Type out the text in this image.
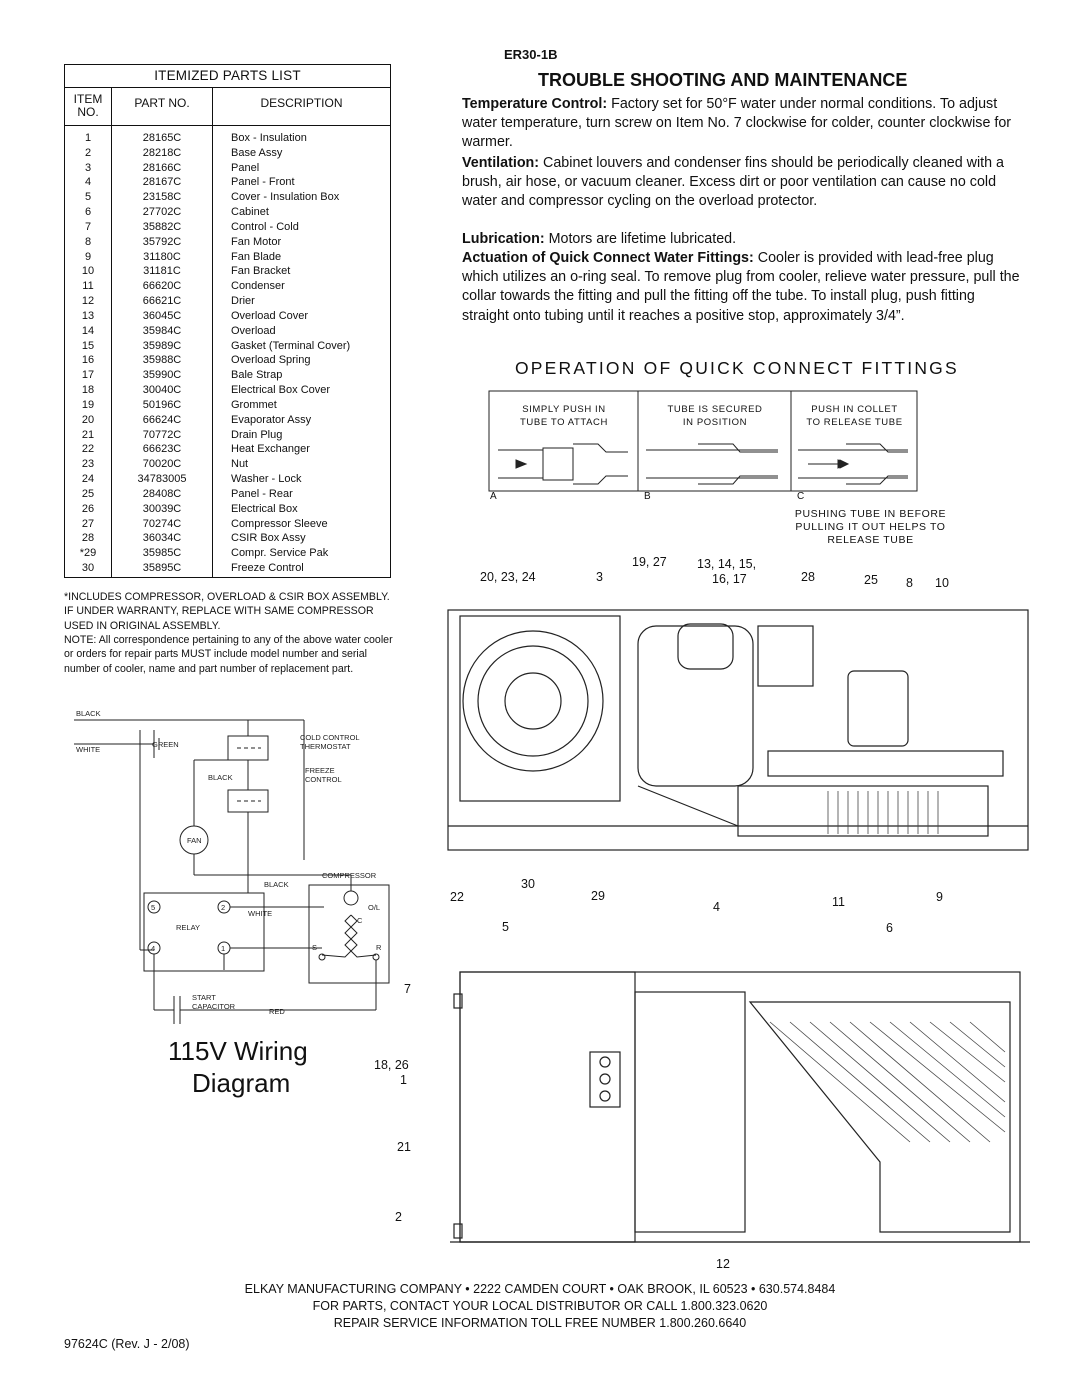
ITEMIZED PARTS LIST
ITEM NO.
PART NO.	DESCRIPTION
1	28165C	Box - Insulation
2	28218C	Base Assy
3	28166C	Panel
4	28167C	Panel - Front
5	23158C	Cover - Insulation Box
6	27702C	Cabinet
7	35882C	Control - Cold
8	35792C	Fan Motor
9	31180C	Fan Blade
10	31181C	Fan Bracket
11	66620C	Condenser
12	66621C	Drier
13	36045C	Overload Cover
14	35984C	Overload
15	35989C	Gasket (Terminal Cover)
16	35988C	Overload Spring
17	35990C	Bale Strap
18	30040C	Electrical Box Cover
19	50196C	Grommet
20	66624C	Evaporator Assy
21	70772C	Drain Plug
22	66623C	Heat Exchanger
23	70020C	Nut
24	34783005	Washer - Lock
25	28408C	Panel - Rear
26	30039C	Electrical Box
27	70274C	Compressor Sleeve
28	36034C	CSIR Box Assy
*29	35985C	Compr. Service Pak
30	35895C	Freeze Control
*INCLUDES COMPRESSOR, OVERLOAD & CSIR BOX ASSEMBLY. IF UNDER WARRANTY, REPLACE WITH SAME COMPRESSOR USED IN ORIGINAL ASSEMBLY.
NOTE: All correspondence pertaining to any of the above water cooler or orders for repair parts MUST include model number and serial number of cooler, name and part number of replacement part.
BLACK
WHITE
GREEN
COLD CONTROL
THERMOSTAT
BLACK
FREEZE
CONTROL
FAN
COMPRESSOR
BLACK
WHITE
RELAY
O/L
C
S	R
5	2
4	1
START
CAPACITOR
RED
115V Wiring
Diagram
ER30-1B
TROUBLE SHOOTING AND MAINTENANCE
Temperature Control: Factory set for 50°F water under normal conditions. To adjust water temperature, turn screw on Item No. 7 clockwise for colder, counter clockwise for warmer.
Ventilation: Cabinet louvers and condenser fins should be periodically cleaned with a brush, air hose, or vacuum cleaner. Excess dirt or poor ventilation can cause no cold water and compressor cycling on the overload protector.
Lubrication: Motors are lifetime lubricated.
Actuation of Quick Connect Water Fittings: Cooler is provided with lead-free plug which utilizes an o-ring seal. To remove plug from cooler, relieve water pressure, pull the collar towards the fitting and pull the fitting off the tube. To install plug, push fitting straight onto tubing until it reaches a positive stop, approximately 3/4”.
OPERATION OF QUICK CONNECT FITTINGS
SIMPLY PUSH IN
TUBE TO ATTACH
TUBE IS SECURED
IN POSITION
PUSH IN COLLET
TO RELEASE TUBE
A	B	C
PUSHING TUBE IN BEFORE
PULLING IT OUT HELPS TO
RELEASE TUBE
20, 23, 24	3
19, 27 13, 14, 15,
16, 17	28	25 8 10
22
30
29
4	11	9
5	6
7
18, 26
1
21
2
12
ELKAY MANUFACTURING COMPANY • 2222 CAMDEN COURT • OAK BROOK, IL 60523 • 630.574.8484
FOR PARTS, CONTACT YOUR LOCAL DISTRIBUTOR OR CALL 1.800.323.0620
REPAIR SERVICE INFORMATION TOLL FREE NUMBER 1.800.260.6640
97624C (Rev. J - 2/08)
